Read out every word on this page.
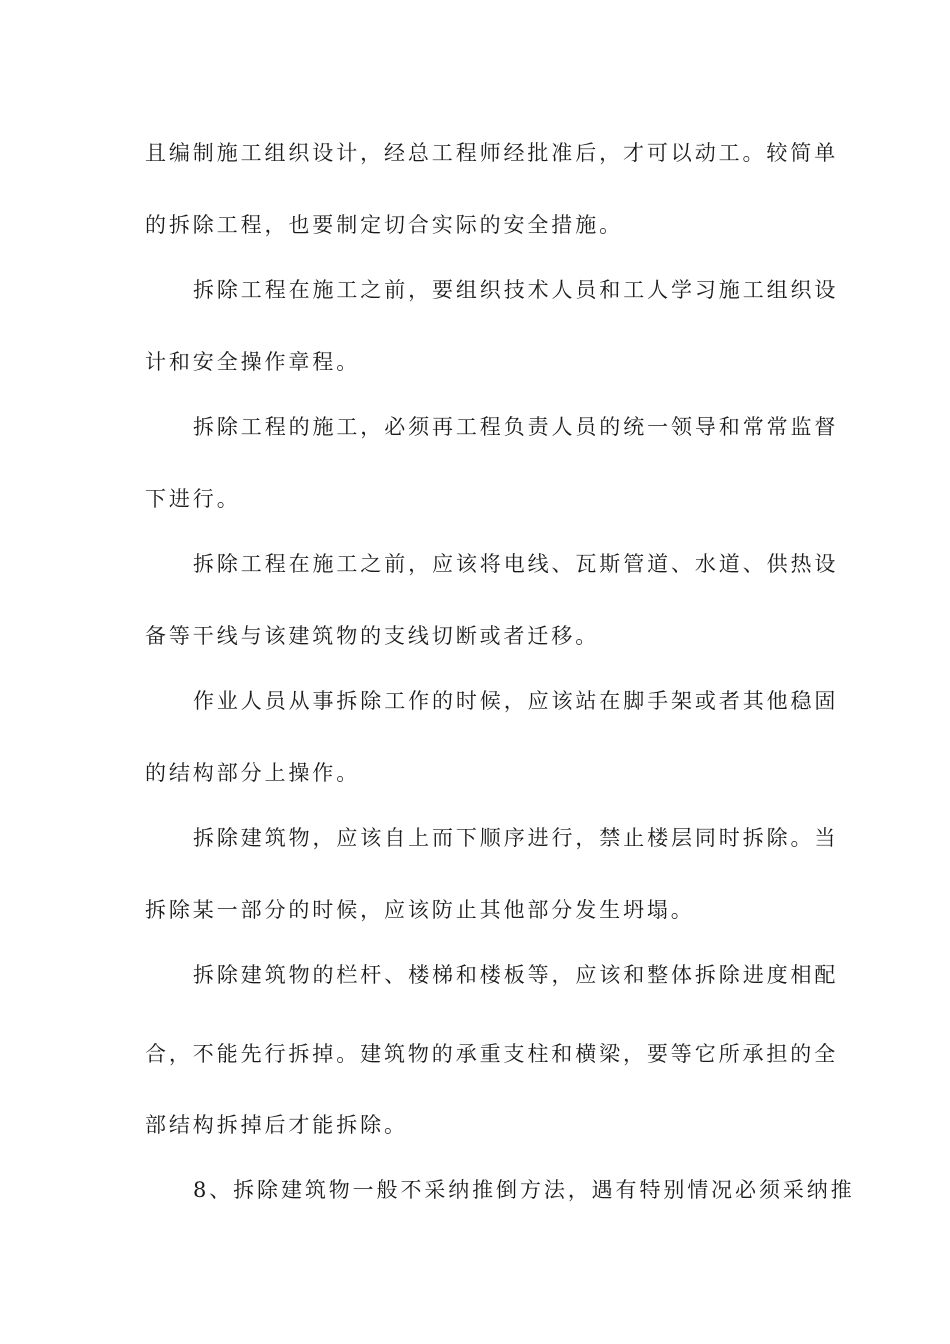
且编制施工组织设计，经总工程师经批准后，才可以动工。较简单
的拆除工程，也要制定切合实际的安全措施。
拆除工程在施工之前，要组织技术人员和工人学习施工组织设
计和安全操作章程。
拆除工程的施工，必须再工程负责人员的统一领导和常常监督
下进行。
拆除工程在施工之前，应该将电线、瓦斯管道、水道、供热设
备等干线与该建筑物的支线切断或者迁移。
作业人员从事拆除工作的时候，应该站在脚手架或者其他稳固
的结构部分上操作。
拆除建筑物，应该自上而下顺序进行，禁止楼层同时拆除。当
拆除某一部分的时候，应该防止其他部分发生坍塌。
拆除建筑物的栏杆、楼梯和楼板等，应该和整体拆除进度相配
合，不能先行拆掉。建筑物的承重支柱和横梁，要等它所承担的全
部结构拆掉后才能拆除。
8、拆除建筑物一般不采纳推倒方法，遇有特别情况必须采纳推
